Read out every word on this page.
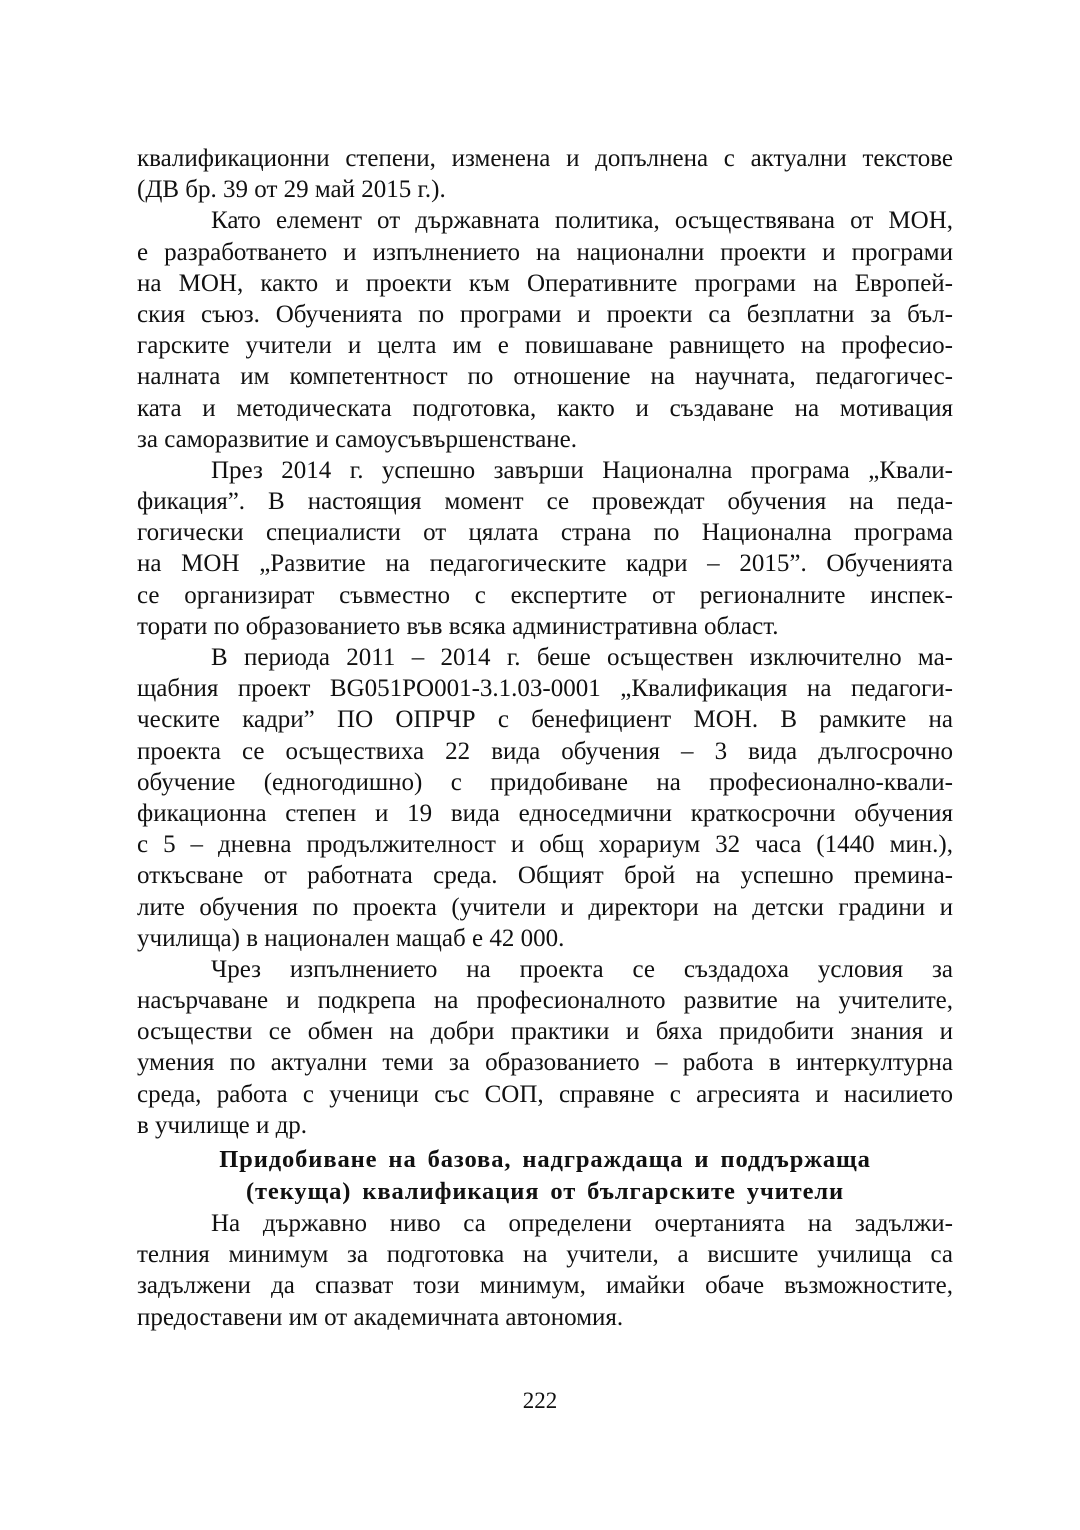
квалификационни степени, изменена и допълнена с актуални текстове
(ДВ бр. 39 от 29 май 2015 г.).
Като елемент от държавната политика, осъществявана от МОН,
е разработването и изпълнението на национални проекти и програми
на МОН, както и проекти към Оперативните програми на Европей-
ския съюз. Обученията по програми и проекти са безплатни за бъл-
гарските учители и целта им е повишаване равнището на професио-
налната им компетентност по отношение на научната, педагогичес-
ката и методическата подготовка, както и създаване на мотивация
за саморазвитие и самоусъвършенстване.
През 2014 г. успешно завърши Национална програма „Квали-
фикация”. В настоящия момент се провеждат обучения на педа-
гогически специалисти от цялата страна по Национална програма
на МОН „Развитие на педагогическите кадри – 2015”. Обученията
се организират съвместно с експертите от регионалните инспек-
торати по образованието във всяка административна област.
В периода 2011 – 2014 г. беше осъществен изключително ма-
щабния проект BG051PO001-3.1.03-0001 „Квалификация на педагоги-
ческите кадри” ПО ОПРЧР с бенефициент МОН. В рамките на
проекта се осъществиха 22 вида обучения – 3 вида дългосрочно
обучение (едногодишно) с придобиване на професионално-квали-
фикационна степен и 19 вида едноседмични краткосрочни обучения
с 5 – дневна продължителност и общ хорариум 32 часа (1440 мин.),
откъсване от работната среда. Общият брой на успешно премина-
лите обучения по проекта (учители и директори на детски градини и
училища) в национален мащаб е 42 000.
Чрез изпълнението на проекта се създадоха условия за
насърчаване и подкрепа на професионалното развитие на учителите,
осъществи се обмен на добри практики и бяха придобити знания и
умения по актуални теми за образованието – работа в интеркултурна
среда, работа с ученици със СОП, справяне с агресията и насилието
в училище и др.
Придобиване на базова, надграждаща и поддържаща
(текуща) квалификация от българските учители
На държавно ниво са определени очертанията на задължи-
телния минимум за подготовка на учители, а висшите училища са
задължени да спазват този минимум, имайки обаче възможностите,
предоставени им от академичната автономия.
222
